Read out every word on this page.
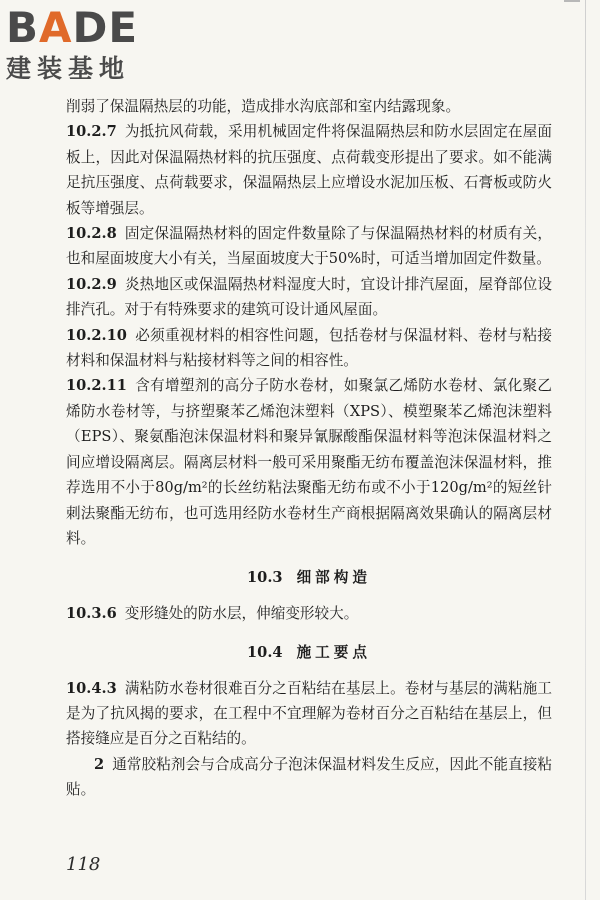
BADE
建装基地

削弱了保温隔热层的功能，造成排水沟底部和室内结露现象。

10.2.7 为抵抗风荷载，采用机械固定件将保温隔热层和防水层固定在屋面板上，因此对保温隔热材料的抗压强度、点荷载变形提出了要求。如不能满足抗压强度、点荷载要求，保温隔热层上应增设水泥加压板、石膏板或防火板等增强层。

10.2.8 固定保温隔热材料的固定件数量除了与保温隔热材料的材质有关，也和屋面坡度大小有关，当屋面坡度大于50%时，可适当增加固定件数量。

10.2.9 炎热地区或保温隔热材料湿度大时，宜设计排汽屋面，屋脊部位设排汽孔。对于有特殊要求的建筑可设计通风屋面。

10.2.10 必须重视材料的相容性问题，包括卷材与保温材料、卷材与粘接材料和保温材料与粘接材料等之间的相容性。

10.2.11 含有增塑剂的高分子防水卷材，如聚氯乙烯防水卷材、氯化聚乙烯防水卷材等，与挤塑聚苯乙烯泡沫塑料（XPS）、模塑聚苯乙烯泡沫塑料（EPS）、聚氨酯泡沫保温材料和聚异氰脲酸酯保温材料等泡沫保温材料之间应增设隔离层。隔离层材料一般可采用聚酯无纺布覆盖泡沫保温材料，推荐选用不小于80g/m²的长丝纺粘法聚酯无纺布或不小于120g/m²的短丝针刺法聚酯无纺布，也可选用经防水卷材生产商根据隔离效果确认的隔离层材料。

10.3 细部构造

10.3.6 变形缝处的防水层，伸缩变形较大。

10.4 施工要点

10.4.3 满粘防水卷材很难百分之百粘结在基层上。卷材与基层的满粘施工是为了抗风揭的要求，在工程中不宜理解为卷材百分之百粘结在基层上，但搭接缝应是百分之百粘结的。

2 通常胶粘剂会与合成高分子泡沫保温材料发生反应，因此不能直接粘贴。

118
